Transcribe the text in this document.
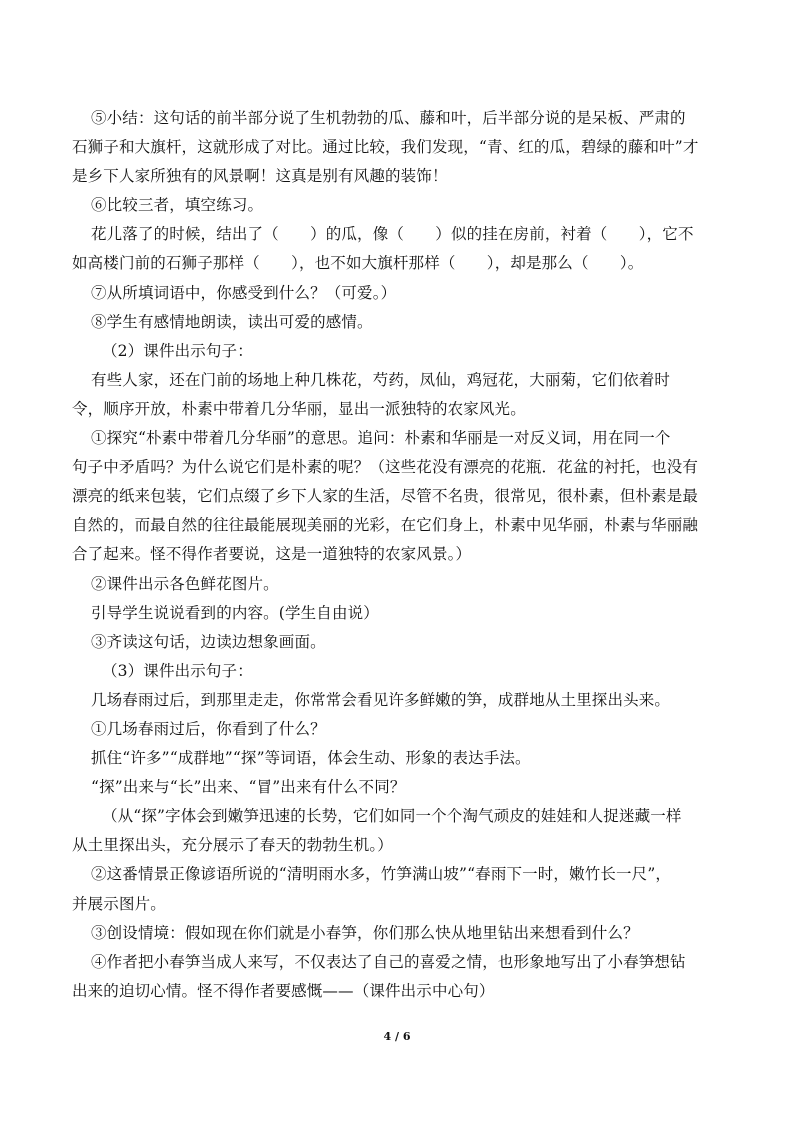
⑤小结：这句话的前半部分说了生机勃勃的瓜、藤和叶，后半部分说的是呆板、严肃的
石狮子和大旗杆，这就形成了对比。通过比较，我们发现，“青、红的瓜，碧绿的藤和叶”才
是乡下人家所独有的风景啊！这真是别有风趣的装饰！
⑥比较三者，填空练习。
花儿落了的时候，结出了（　　）的瓜，像（　　）似的挂在房前，衬着（　　），它不
如高楼门前的石狮子那样（　　），也不如大旗杆那样（　　），却是那么（　　）。
⑦从所填词语中，你感受到什么？（可爱。）
⑧学生有感情地朗读，读出可爱的感情。
（2）课件出示句子：
有些人家，还在门前的场地上种几株花，芍药，凤仙，鸡冠花，大丽菊，它们依着时
令，顺序开放，朴素中带着几分华丽，显出一派独特的农家风光。
①探究“朴素中带着几分华丽”的意思。追问：朴素和华丽是一对反义词，用在同一个
句子中矛盾吗？为什么说它们是朴素的呢？（这些花没有漂亮的花瓶．花盆的衬托，也没有
漂亮的纸来包装，它们点缀了乡下人家的生活，尽管不名贵，很常见，很朴素，但朴素是最
自然的，而最自然的往往最能展现美丽的光彩，在它们身上，朴素中见华丽，朴素与华丽融
合了起来。怪不得作者要说，这是一道独特的农家风景。）
②课件出示各色鲜花图片。
引导学生说说看到的内容。(学生自由说）
③齐读这句话，边读边想象画面。
（3）课件出示句子：
几场春雨过后，到那里走走，你常常会看见许多鲜嫩的笋，成群地从土里探出头来。
①几场春雨过后，你看到了什么？
抓住“许多”“成群地”“探”等词语，体会生动、形象的表达手法。
“探”出来与“长”出来、“冒”出来有什么不同？
（从“探”字体会到嫩笋迅速的长势，它们如同一个个淘气顽皮的娃娃和人捉迷藏一样
从土里探出头，充分展示了春天的勃勃生机。）
②这番情景正像谚语所说的“清明雨水多，竹笋满山坡”“春雨下一时，嫩竹长一尺”，
并展示图片。
③创设情境：假如现在你们就是小春笋，你们那么快从地里钻出来想看到什么？
④作者把小春笋当成人来写，不仅表达了自己的喜爱之情，也形象地写出了小春笋想钻
出来的迫切心情。怪不得作者要感慨——（课件出示中心句）
4 / 6
